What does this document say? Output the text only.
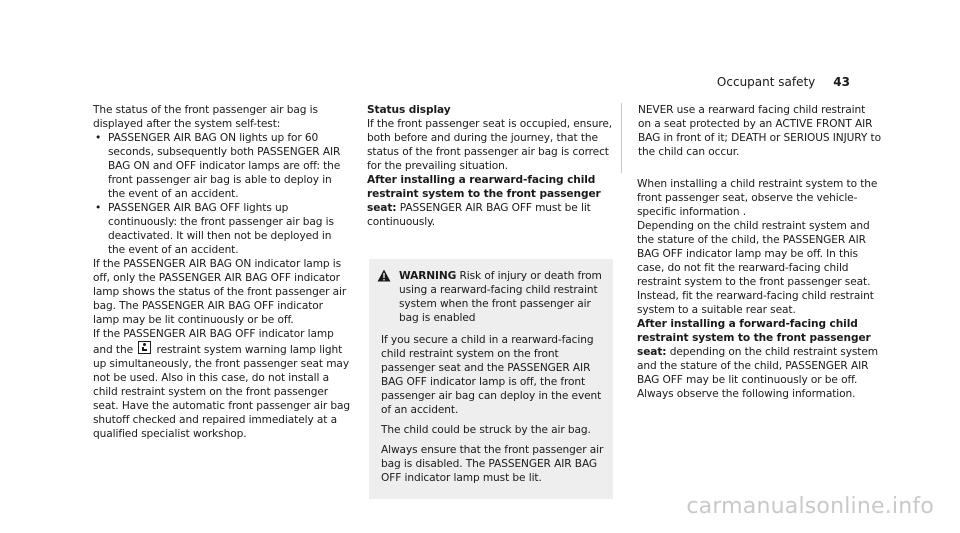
Occupant safety 43

The status of the front passenger air bag is displayed after the system self-test:

• PASSENGER AIR BAG ON lights up for 60 seconds, subsequently both PASSENGER AIR BAG ON and OFF indicator lamps are off: the front passenger air bag is able to deploy in the event of an accident.
• PASSENGER AIR BAG OFF lights up continuously: the front passenger air bag is deactivated. It will then not be deployed in the event of an accident.

If the PASSENGER AIR BAG ON indicator lamp is off, only the PASSENGER AIR BAG OFF indicator lamp shows the status of the front passenger air bag. The PASSENGER AIR BAG OFF indicator lamp may be lit continuously or be off.

If the PASSENGER AIR BAG OFF indicator lamp and the restraint system warning lamp light up simultaneously, the front passenger seat may not be used. Also in this case, do not install a child restraint system on the front passenger seat. Have the automatic front passenger air bag shutoff checked and repaired immediately at a qualified specialist workshop.

Status display

If the front passenger seat is occupied, ensure, both before and during the journey, that the status of the front passenger air bag is correct for the prevailing situation.

After installing a rearward-facing child restraint system to the front passenger seat: PASSENGER AIR BAG OFF must be lit continuously.

WARNING Risk of injury or death from using a rearward-facing child restraint system when the front passenger air bag is enabled

If you secure a child in a rearward-facing child restraint system on the front passenger seat and the PASSENGER AIR BAG OFF indicator lamp is off, the front passenger air bag can deploy in the event of an accident.

The child could be struck by the air bag.

Always ensure that the front passenger air bag is disabled. The PASSENGER AIR BAG OFF indicator lamp must be lit.

NEVER use a rearward facing child restraint on a seat protected by an ACTIVE FRONT AIR BAG in front of it; DEATH or SERIOUS INJURY to the child can occur.

When installing a child restraint system to the front passenger seat, observe the vehicle-specific information .

Depending on the child restraint system and the stature of the child, the PASSENGER AIR BAG OFF indicator lamp may be off. In this case, do not fit the rearward-facing child restraint system to the front passenger seat.

Instead, fit the rearward-facing child restraint system to a suitable rear seat.

After installing a forward-facing child restraint system to the front passenger seat: depending on the child restraint system and the stature of the child, PASSENGER AIR BAG OFF may be lit continuously or be off.

Always observe the following information.

carmanualsonline.info
